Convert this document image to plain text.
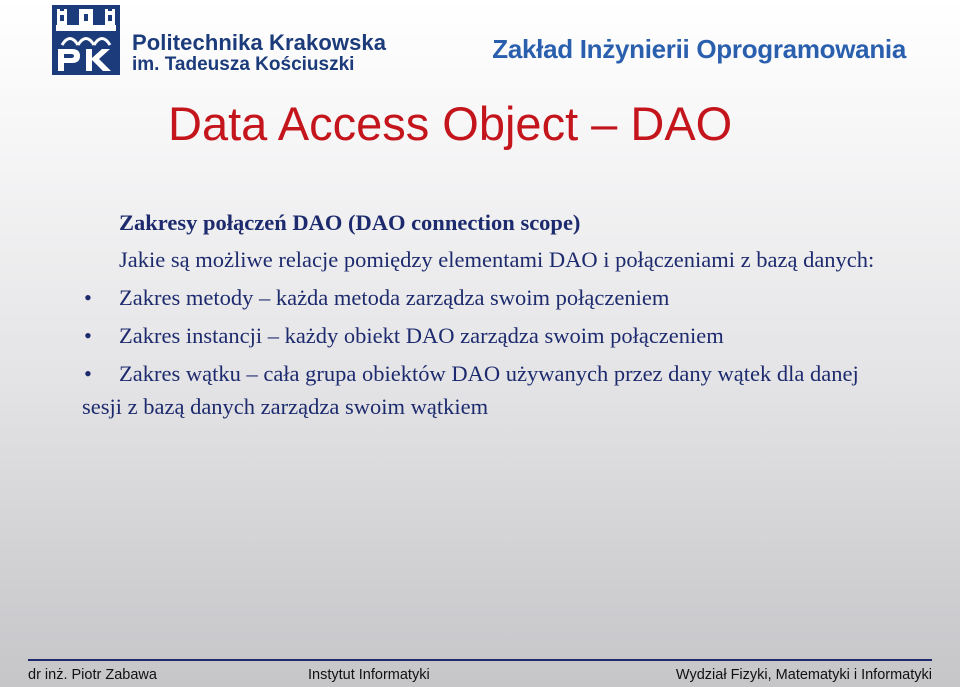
Politechnika Krakowska
im. Tadeusza Kościuszki
Zakład Inżynierii Oprogramowania
Data Access Object – DAO

Zakresy połączeń DAO (DAO connection scope)

Jakie są możliwe relacje pomiędzy elementami DAO i połączeniami z bazą danych:

• Zakres metody – każda metoda zarządza swoim połączeniem
• Zakres instancji – każdy obiekt DAO zarządza swoim połączeniem
• Zakres wątku – cała grupa obiektów DAO używanych przez dany wątek dla danej sesji z bazą danych zarządza swoim wątkiem
dr inż. Piotr Zabawa	Instytut Informatyki	Wydział Fizyki, Matematyki i Informatyki
